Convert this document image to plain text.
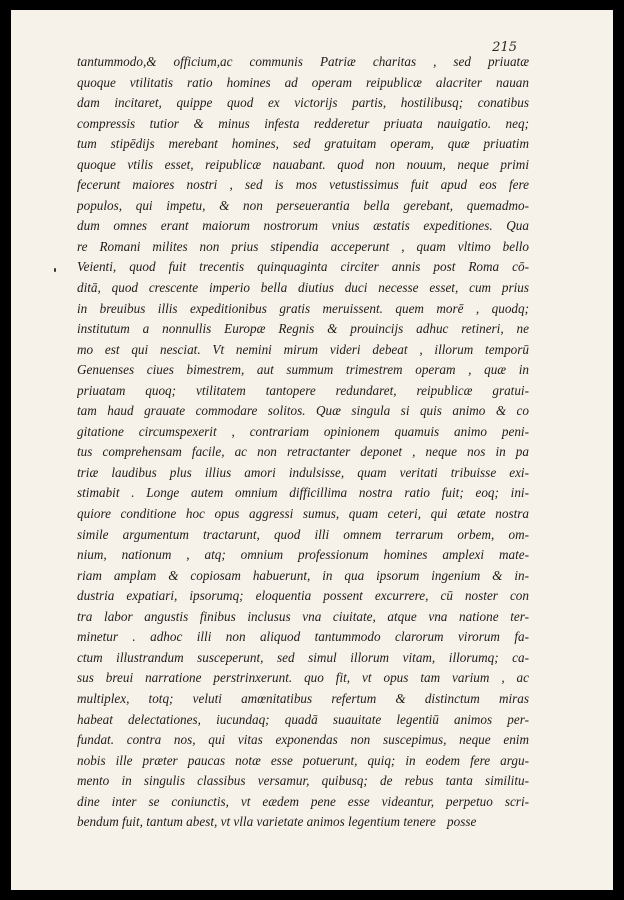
215

tantummodo,& officium,ac communis Patriæ charitas , sed priuatæ
quoque vtilitatis ratio homines ad operam reipublicæ alacriter nauan
dam incitaret, quippe quod ex victorijs partis, hostilibusq; conatibus
compressis tutior & minus infesta redderetur priuata nauigatio. neq;
tum stipēdijs merebant homines, sed gratuitam operam, quæ priuatim
quoque vtilis esset, reipublicæ nauabant. quod non nouum, neque primi
fecerunt maiores nostri , sed is mos vetustissimus fuit apud eos fere
populos, qui impetu, & non perseuerantia bella gerebant, quemadmo-
dum omnes erant maiorum nostrorum vnius æstatis expeditiones. Qua
re Romani milites non prius stipendia acceperunt , quam vltimo bello
Veienti, quod fuit trecentis quinquaginta circiter annis post Roma cō-
ditā, quod crescente imperio bella diutius duci necesse esset, cum prius
in breuibus illis expeditionibus gratis meruissent. quem morē , quodq;
institutum a nonnullis Europæ Regnis & prouincijs adhuc retineri, ne
mo est qui nesciat. Vt nemini mirum videri debeat , illorum temporū
Genuenses ciues bimestrem, aut summum trimestrem operam , quæ in
priuatam quoq; vtilitatem tantopere redundaret, reipublicæ gratui-
tam haud grauate commodare solitos. Quæ singula si quis animo & co
gitatione circumspexerit , contrariam opinionem quamuis animo peni-
tus comprehensam facile, ac non retractanter deponet , neque nos in pa
triæ laudibus plus illius amori indulsisse, quam veritati tribuisse exi-
stimabit . Longe autem omnium difficillima nostra ratio fuit; eoq; ini-
quiore conditione hoc opus aggressi sumus, quam ceteri, qui ætate nostra
simile argumentum tractarunt, quod illi omnem terrarum orbem, om-
nium, nationum , atq; omnium professionum homines amplexi mate-
riam amplam & copiosam habuerunt, in qua ipsorum ingenium & in-
dustria expatiari, ipsorumq; eloquentia possent excurrere, cū noster con
tra labor angustis finibus inclusus vna ciuitate, atque vna natione ter-
minetur . adhoc illi non aliquod tantummodo clarorum virorum fa-
ctum illustrandum susceperunt, sed simul illorum vitam, illorumq; ca-
sus breui narratione perstrinxerunt. quo fit, vt opus tam varium , ac
multiplex, totq; veluti amœnitatibus refertum & distinctum miras
habeat delectationes, iucundaq; quadā suauitate legentiū animos per-
fundat. contra nos, qui vitas exponendas non suscepimus, neque enim
nobis ille præter paucas notæ esse potuerunt, quiq; in eodem fere argu-
mento in singulis classibus versamur, quibusq; de rebus tanta similitu-
dine inter se coniunctis, vt eædem pene esse videantur, perpetuo scri-
bendum fuit, tantum abest, vt vlla varietate animos legentium tenere posse
